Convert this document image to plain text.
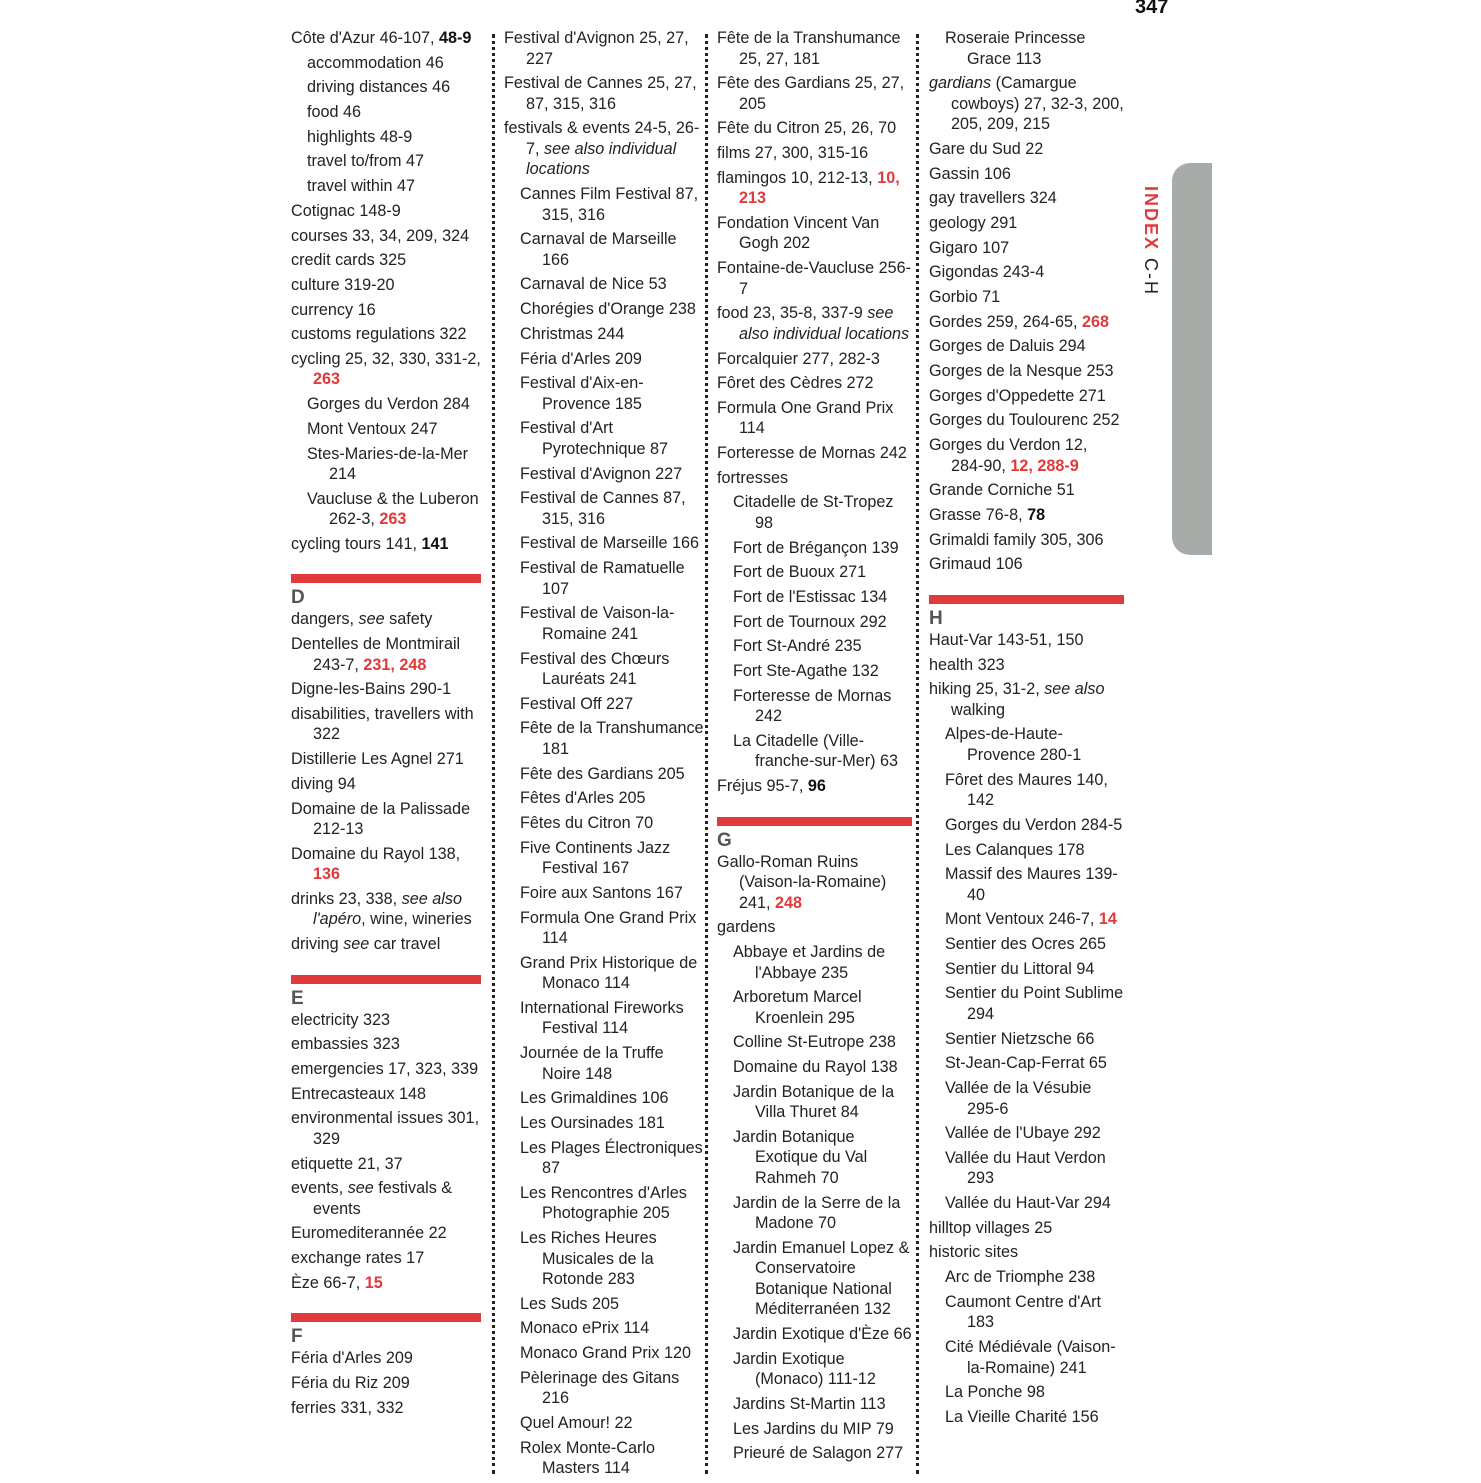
347
INDEX C-H
Côte d'Azur 46-107, 48-9
accommodation 46
driving distances 46
food 46
highlights 48-9
travel to/from 47
travel within 47
Cotignac 148-9
courses 33, 34, 209, 324
credit cards 325
culture 319-20
currency 16
customs regulations 322
cycling 25, 32, 330, 331-2, 263
Gorges du Verdon 284
Mont Ventoux 247
Stes-Maries-de-la-Mer 214
Vaucluse & the Luberon 262-3, 263
cycling tours 141, 141
D
dangers, see safety
Dentelles de Montmirail 243-7, 231, 248
Digne-les-Bains 290-1
disabilities, travellers with 322
Distillerie Les Agnel 271
diving 94
Domaine de la Palissade 212-13
Domaine du Rayol 138, 136
drinks 23, 338, see also l'apéro, wine, wineries
driving see car travel
E
electricity 323
embassies 323
emergencies 17, 323, 339
Entrecasteaux 148
environmental issues 301, 329
etiquette 21, 37
events, see festivals & events
Euromediterannée 22
exchange rates 17
Èze 66-7, 15
F
Féria d'Arles 209
Féria du Riz 209
ferries 331, 332
Festival d'Avignon 25, 27, 227
Festival de Cannes 25, 27, 87, 315, 316
festivals & events 24-5, 26-7, see also individual locations
Cannes Film Festival 87, 315, 316
Carnaval de Marseille 166
Carnaval de Nice 53
Chorégies d'Orange 238
Christmas 244
Féria d'Arles 209
Festival d'Aix-en-Provence 185
Festival d'Art Pyrotechnique 87
Festival d'Avignon 227
Festival de Cannes 87, 315, 316
Festival de Marseille 166
Festival de Ramatuelle 107
Festival de Vaison-la-Romaine 241
Festival des Chœurs Lauréats 241
Festival Off 227
Fête de la Transhumance 181
Fête des Gardians 205
Fêtes d'Arles 205
Fêtes du Citron 70
Five Continents Jazz Festival 167
Foire aux Santons 167
Formula One Grand Prix 114
Grand Prix Historique de Monaco 114
International Fireworks Festival 114
Journée de la Truffe Noire 148
Les Grimaldines 106
Les Oursinades 181
Les Plages Électroniques 87
Les Rencontres d'Arles Photographie 205
Les Riches Heures Musicales de la Rotonde 283
Les Suds 205
Monaco ePrix 114
Monaco Grand Prix 120
Pèlerinage des Gitans 216
Quel Amour! 22
Rolex Monte-Carlo Masters 114
Fête de la Transhumance 25, 27, 181
Fête des Gardians 25, 27, 205
Fête du Citron 25, 26, 70
films 27, 300, 315-16
flamingos 10, 212-13, 10, 213
Fondation Vincent Van Gogh 202
Fontaine-de-Vaucluse 256-7
food 23, 35-8, 337-9 see also individual locations
Forcalquier 277, 282-3
Fôret des Cèdres 272
Formula One Grand Prix 114
Forteresse de Mornas 242
fortresses
Citadelle de St-Tropez 98
Fort de Brégançon 139
Fort de Buoux 271
Fort de l'Estissac 134
Fort de Tournoux 292
Fort St-André 235
Fort Ste-Agathe 132
Forteresse de Mornas 242
La Citadelle (Ville-franche-sur-Mer) 63
Fréjus 95-7, 96
G
Gallo-Roman Ruins (Vaison-la-Romaine) 241, 248
gardens
Abbaye et Jardins de l'Abbaye 235
Arboretum Marcel Kroenlein 295
Colline St-Eutrope 238
Domaine du Rayol 138
Jardin Botanique de la Villa Thuret 84
Jardin Botanique Exotique du Val Rahmeh 70
Jardin de la Serre de la Madone 70
Jardin Emanuel Lopez & Conservatoire Botanique National Méditerranéen 132
Jardin Exotique d'Èze 66
Jardin Exotique (Monaco) 111-12
Jardins St-Martin 113
Les Jardins du MIP 79
Prieuré de Salagon 277
Roseraie Princesse Grace 113
gardians (Camargue cowboys) 27, 32-3, 200, 205, 209, 215
Gare du Sud 22
Gassin 106
gay travellers 324
geology 291
Gigaro 107
Gigondas 243-4
Gorbio 71
Gordes 259, 264-65, 268
Gorges de Daluis 294
Gorges de la Nesque 253
Gorges d'Oppedette 271
Gorges du Toulourenc 252
Gorges du Verdon 12, 284-90, 12, 288-9
Grande Corniche 51
Grasse 76-8, 78
Grimaldi family 305, 306
Grimaud 106
H
Haut-Var 143-51, 150
health 323
hiking 25, 31-2, see also walking
Alpes-de-Haute-Provence 280-1
Fôret des Maures 140, 142
Gorges du Verdon 284-5
Les Calanques 178
Massif des Maures 139-40
Mont Ventoux 246-7, 14
Sentier des Ocres 265
Sentier du Littoral 94
Sentier du Point Sublime 294
Sentier Nietzsche 66
St-Jean-Cap-Ferrat 65
Vallée de la Vésubie 295-6
Vallée de l'Ubaye 292
Vallée du Haut Verdon 293
Vallée du Haut-Var 294
hilltop villages 25
historic sites
Arc de Triomphe 238
Caumont Centre d'Art 183
Cité Médiévale (Vaison-la-Romaine) 241
La Ponche 98
La Vieille Charité 156
